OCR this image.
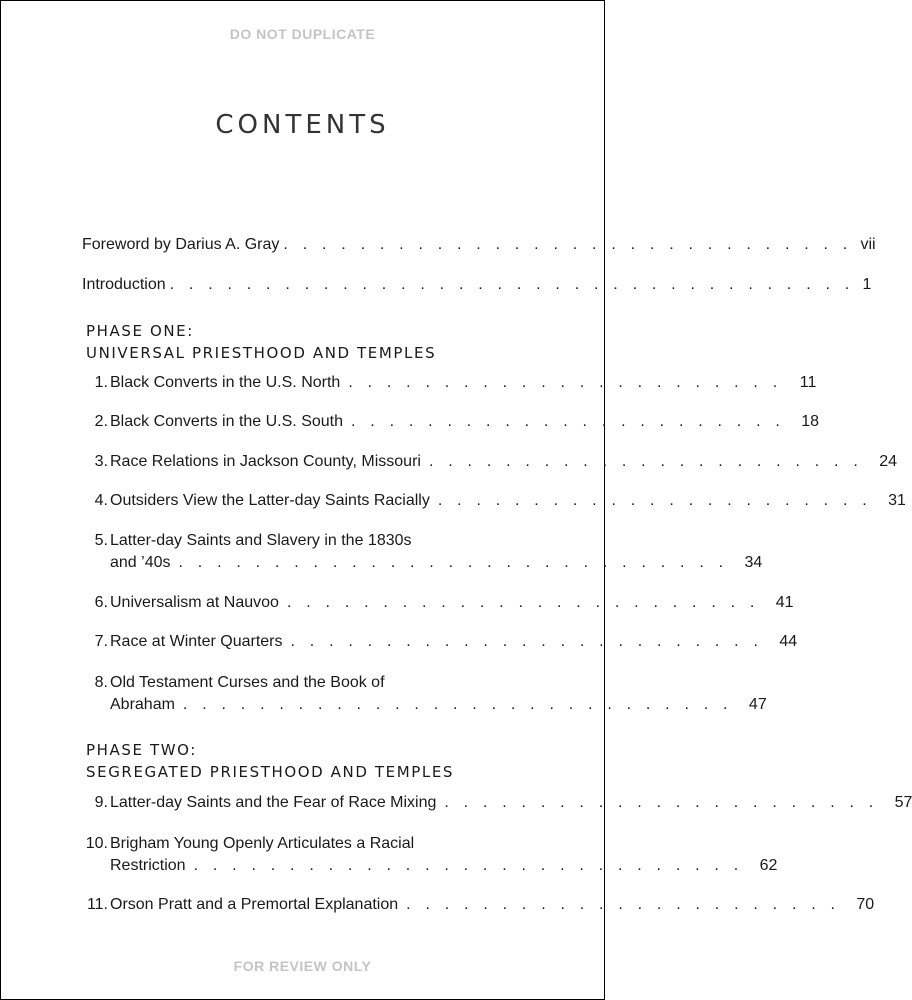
DO NOT DUPLICATE
CONTENTS
Foreword by Darius A. Gray . . . . . . . . . . . . . . . . . . . . . . . . . . . . . . vii
Introduction . . . . . . . . . . . . . . . . . . . . . . . . . . . . . . . . . . . . 1
PHASE ONE:
UNIVERSAL PRIESTHOOD AND TEMPLES
1. Black Converts in the U.S. North . . . . . . . . . . . . . . . . . . . . . . .	11
2. Black Converts in the U.S. South . . . . . . . . . . . . . . . . . . . . . . .	18
3. Race Relations in Jackson County, Missouri . . . . . . . . . . . . . . . . . . . . . . .	24
4. Outsiders View the Latter-day Saints Racially . . . . . . . . . . . . . . . . . . . . . . .	31
5. Latter-day Saints and Slavery in the 1830s
and ’40s . . . . . . . . . . . . . . . . . . . . . . . . . . . . .	34
6. Universalism at Nauvoo . . . . . . . . . . . . . . . . . . . . . . . . .	41
7. Race at Winter Quarters . . . . . . . . . . . . . . . . . . . . . . . . .	44
8. Old Testament Curses and the Book of
Abraham . . . . . . . . . . . . . . . . . . . . . . . . . . . . .	47
PHASE TWO:
SEGREGATED PRIESTHOOD AND TEMPLES
9. Latter-day Saints and the Fear of Race Mixing . . . . . . . . . . . . . . . . . . . . . . .	57
10. Brigham Young Openly Articulates a Racial
Restriction . . . . . . . . . . . . . . . . . . . . . . . . . . . . .	62
11. Orson Pratt and a Premortal Explanation . . . . . . . . . . . . . . . . . . . . . . .	70
FOR REVIEW ONLY
